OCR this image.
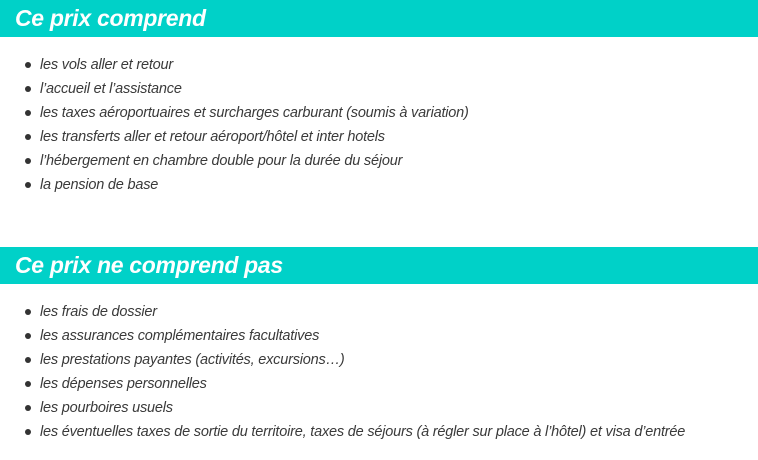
Ce prix comprend
les vols aller et retour
l’accueil et l’assistance
les taxes aéroportuaires et surcharges carburant (soumis à variation)
les transferts aller et retour aéroport/hôtel et inter hotels
l’hébergement en chambre double pour la durée du séjour
la pension de base
Ce prix ne comprend pas
les frais de dossier
les assurances complémentaires facultatives
les prestations payantes (activités, excursions…)
les dépenses personnelles
les pourboires usuels
les éventuelles taxes de sortie du territoire, taxes de séjours (à régler sur place à l’hôtel) et visa d’entrée
